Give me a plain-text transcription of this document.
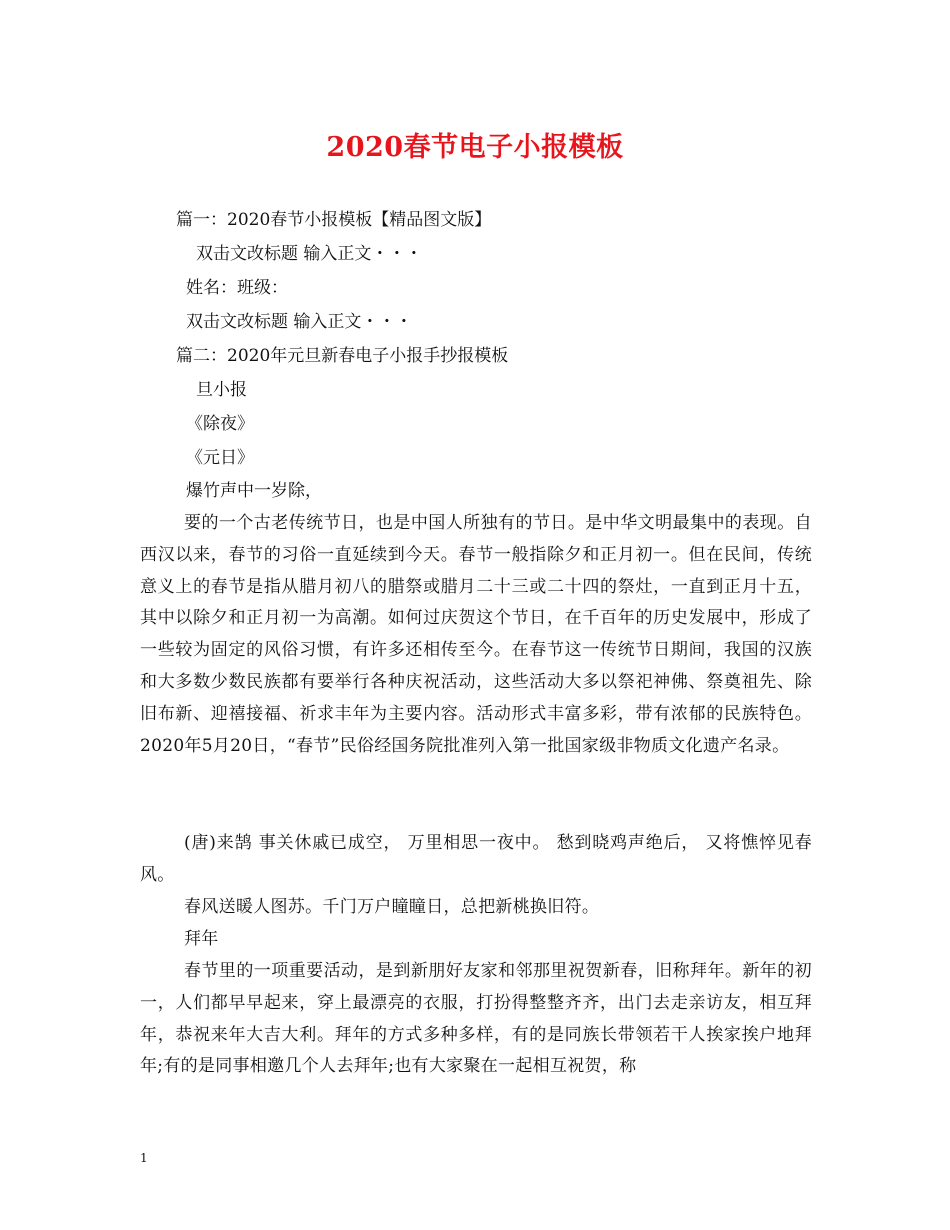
2020春节电子小报模板
篇一：2020春节小报模板【精品图文版】
双击文改标题 输入正文・・・
姓名：班级：
双击文改标题 输入正文・・・
篇二：2020年元旦新春电子小报手抄报模板
旦小报
《除夜》
《元日》
爆竹声中一岁除，
要的一个古老传统节日，也是中国人所独有的节日。是中华文明最集中的表现。自西汉以来，春节的习俗一直延续到今天。春节一般指除夕和正月初一。但在民间，传统意义上的春节是指从腊月初八的腊祭或腊月二十三或二十四的祭灶，一直到正月十五，其中以除夕和正月初一为高潮。如何过庆贺这个节日，在千百年的历史发展中，形成了一些较为固定的风俗习惯，有许多还相传至今。在春节这一传统节日期间，我国的汉族和大多数少数民族都有要举行各种庆祝活动，这些活动大多以祭祀神佛、祭奠祖先、除旧布新、迎禧接福、祈求丰年为主要内容。活动形式丰富多彩，带有浓郁的民族特色。2020年5月20日，“春节”民俗经国务院批准列入第一批国家级非物质文化遗产名录。
(唐)来鹄 事关休戚已成空， 万里相思一夜中。 愁到晓鸡声绝后， 又将憔悴见春风。
春风送暖人图苏。千门万户瞳瞳日，总把新桃换旧符。
拜年
春节里的一项重要活动，是到新朋好友家和邻那里祝贺新春，旧称拜年。新年的初一，人们都早早起来，穿上最漂亮的衣服，打扮得整整齐齐，出门去走亲访友，相互拜年，恭祝来年大吉大利。拜年的方式多种多样，有的是同族长带领若干人挨家挨户地拜年;有的是同事相邀几个人去拜年;也有大家聚在一起相互祝贺，称
1
